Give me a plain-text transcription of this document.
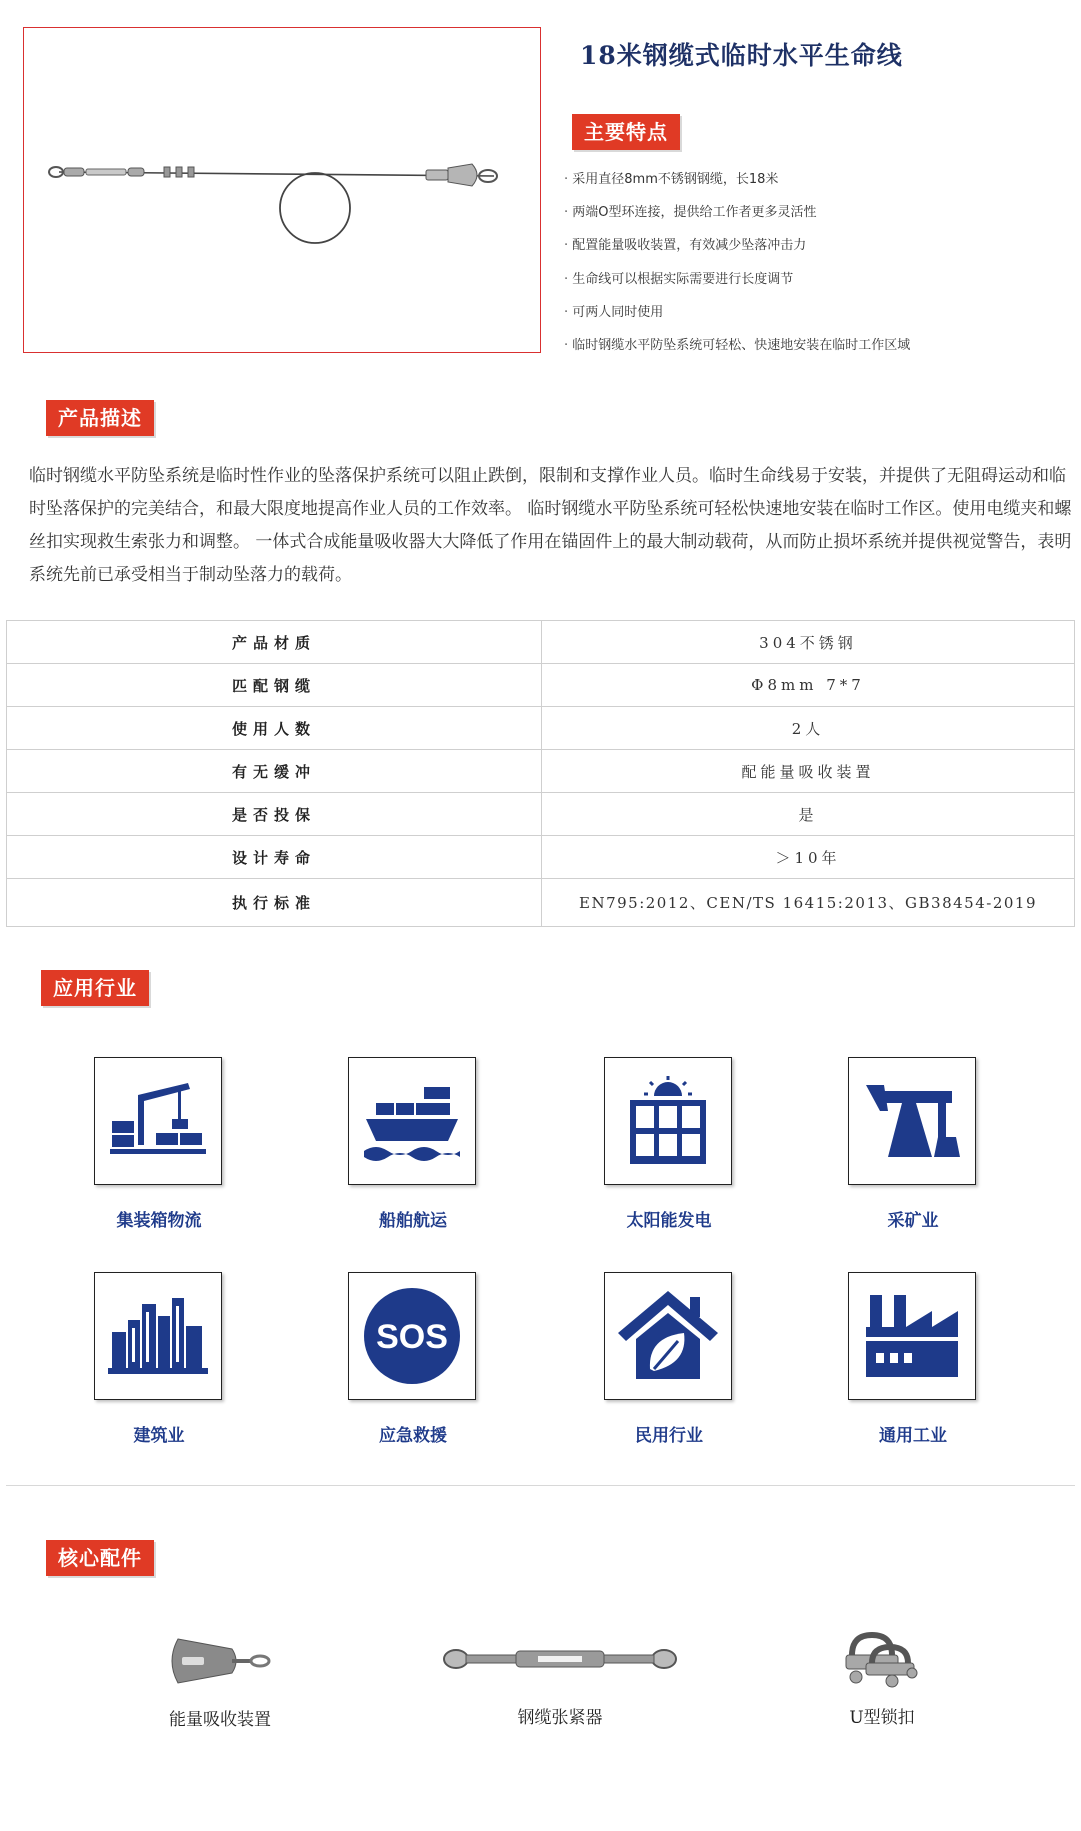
18米钢缆式临时水平生命线
主要特点
· 采用直径8mm不锈钢钢缆，长18米
· 两端O型环连接，提供给工作者更多灵活性
· 配置能量吸收装置，有效减少坠落冲击力
· 生命线可以根据实际需要进行长度调节
· 可两人同时使用
· 临时钢缆水平防坠系统可轻松、快速地安装在临时工作区域
产品描述

临时钢缆水平防坠系统是临时性作业的坠落保护系统可以阻止跌倒，限制和支撑作业人员。临时生命线易于安装，并提供了无阻碍运动和临时坠落保护的完美结合，和最大限度地提高作业人员的工作效率。 临时钢缆水平防坠系统可轻松快速地安装在临时工作区。使用电缆夹和螺丝扣实现救生索张力和调整。 一体式合成能量吸收器大大降低了作用在锚固件上的最大制动载荷，从而防止损坏系统并提供视觉警告，表明系统先前已承受相当于制动坠落力的载荷。

产品材质	304不锈钢
匹配钢缆	Φ8mm 7*7
使用人数	2人
有无缓冲	配能量吸收装置
是否投保	是
设计寿命	＞10年
执行标准	EN795:2012、CEN/TS 16415:2013、GB38454-2019
应用行业
集装箱物流	船舶航运	太阳能发电	采矿业
建筑业
SOS
应急救援	民用行业	通用工业
核心配件
能量吸收装置	钢缆张紧器	U型锁扣
